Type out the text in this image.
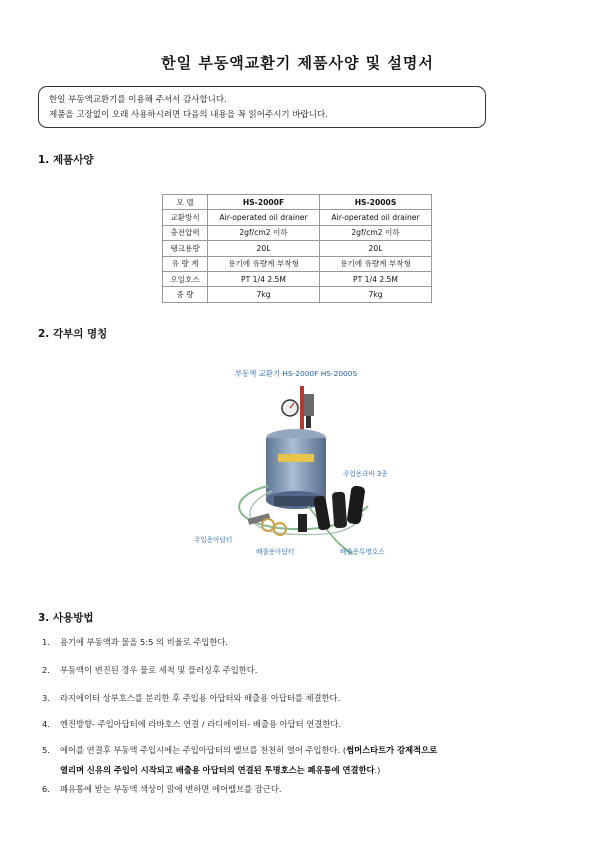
한일 부동액교환기 제품사양 및 설명서
한일 부동액교환기를 이용해 주셔서 감사합니다.
제품을 고장없이 오래 사용하시려면 다음의 내용을 꼭 읽어주시기 바랍니다.
1. 제품사양
모 델	HS-2000F	HS-2000S
교환방식	Air-operated oil drainer	Air-operated oil drainer
충전압력	2gf/cm2 이하	2gf/cm2 이하
탱크용량	20L	20L
유 량 계	용기에 유량계 부착형	용기에 유량계 부착형
오일호스	PT 1/4 2.5M	PT 1/4 2.5M
중 량	7kg	7kg
2. 각부의 명칭
부동액 교환기 HS-2000F HS-2000S
주입용라바 3종
주입용아답터
배출용아답터	배출용투명호스
3. 사용방법
1. 용기에 부동액과 물을 5:5 의 비율로 주입한다.
2. 부동액이 변진된 경우 물로 세척 및 플러싱후 주입한다.
3. 라지에이터 상부호스를 분리한 후 주입용 아답터와 배출용 아답터를 체결한다.
4. 엔진방향- 주입아답터에 라바호스 연결 / 라디에이터- 배출용 아답터 연결한다.
5. 에어를 연결후 부동액 주입시에는 주입아답터의 밸브를 천천히 열어 주입한다. (썸머스타트가 강제적으로
열리며 신유의 주입이 시작되고 배출용 아답터의 연결된 투명호스는 폐유통에 연결한다.)
6. 폐유통에 받는 부동액 색상이 맑에 변하면 에어밸브를 잠근다.
